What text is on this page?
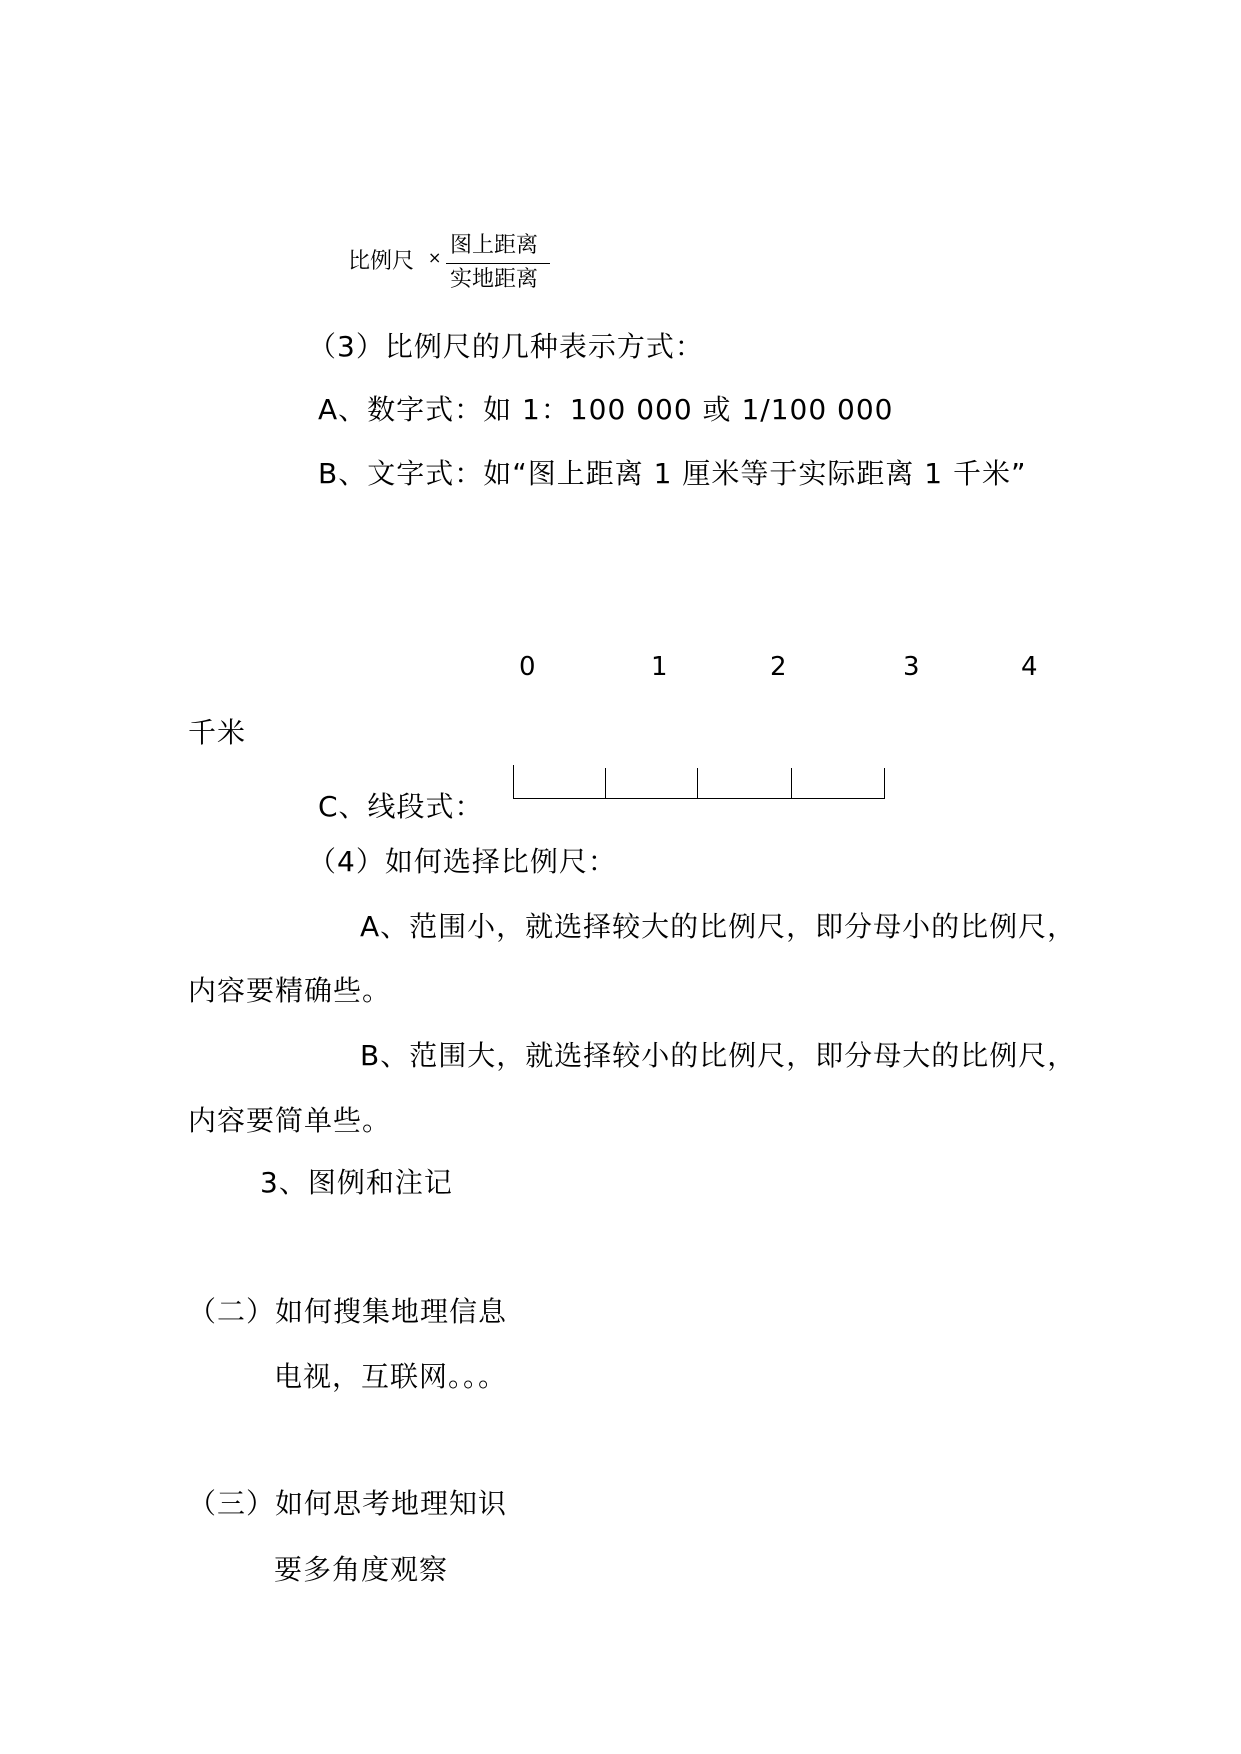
比例尺 × 图上距离
实地距离
（3）比例尺的几种表示方式：
A、数字式：如 1：100 000 或 1/100 000
B、文字式：如“图上距离 1 厘米等于实际距离 1 千米”
0	1	2	3	4
千米
C、线段式：
（4）如何选择比例尺：
A、范围小，就选择较大的比例尺，即分母小的比例尺，
内容要精确些。
B、范围大，就选择较小的比例尺，即分母大的比例尺，
内容要简单些。
3、图例和注记
（二）如何搜集地理信息
电视，互联网。。。
（三）如何思考地理知识
要多角度观察
